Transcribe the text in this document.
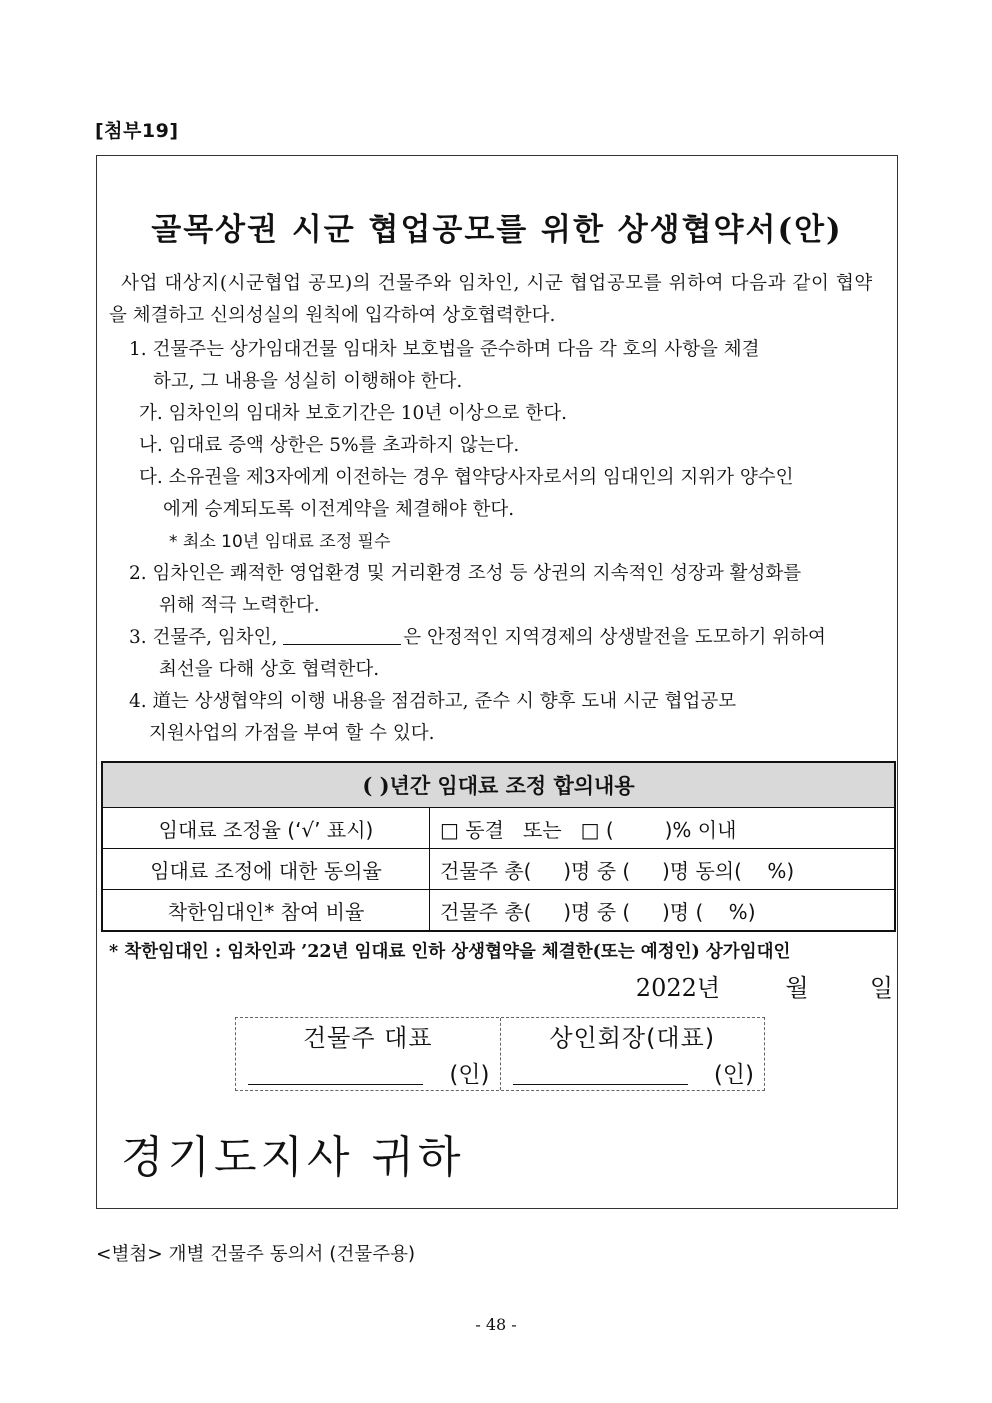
[첨부19]
골목상권 시군 협업공모를 위한 상생협약서(안)
사업 대상지(시군협업 공모)의 건물주와 임차인, 시군 협업공모를 위하여 다음과 같이 협약
을 체결하고 신의성실의 원칙에 입각하여 상호협력한다.
1. 건물주는 상가임대건물 임대차 보호법을 준수하며 다음 각 호의 사항을 체결
하고, 그 내용을 성실히 이행해야 한다.
가. 임차인의 임대차 보호기간은 10년 이상으로 한다.
나. 임대료 증액 상한은 5%를 초과하지 않는다.
다. 소유권을 제3자에게 이전하는 경우 협약당사자로서의 임대인의 지위가 양수인
에게 승계되도록 이전계약을 체결해야 한다.
* 최소 10년 임대료 조정 필수
2. 임차인은 쾌적한 영업환경 및 거리환경 조성 등 상권의 지속적인 성장과 활성화를
위해 적극 노력한다.
3. 건물주, 임차인,	은 안정적인 지역경제의 상생발전을 도모하기 위하여
최선을 다해 상호 협력한다.
4. 道는 상생협약의 이행 내용을 점검하고, 준수 시 향후 도내 시군 협업공모
지원사업의 가점을 부여 할 수 있다.
( )년간 임대료 조정 합의내용	
임대료 조정율 (‘√’ 표시)	□ 동결   또는   □ (        )% 이내
임대료 조정에 대한 동의율	건물주 총(     )명 중 (     )명 동의(    %)
착한임대인* 참여 비율	건물주 총(     )명 중 (     )명 (    %)
* 착한임대인 : 임차인과 ’22년 임대료 인하 상생협약을 체결한(또는 예정인) 상가임대인
2022년	월	일
건물주 대표
(인)
상인회장(대표)
(인)
경기도지사 귀하
<별첨> 개별 건물주 동의서 (건물주용)
- 48 -
